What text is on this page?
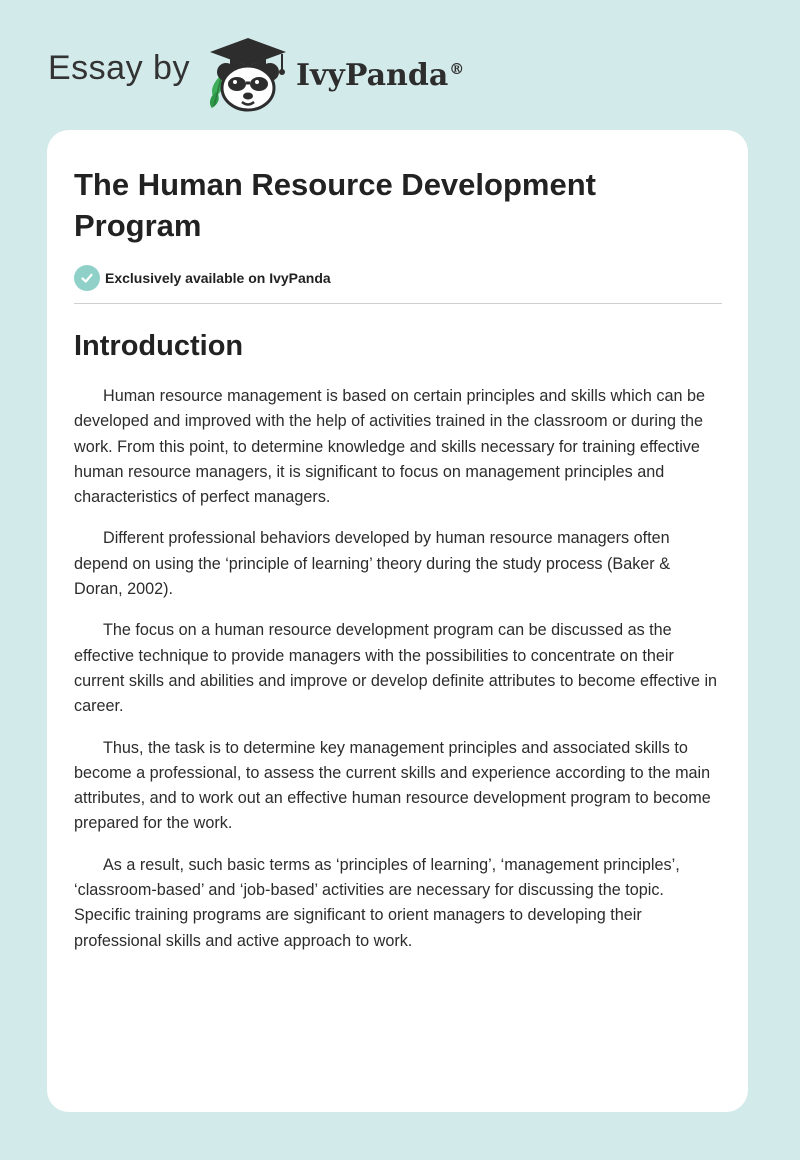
Essay by	IvyPanda®
The Human Resource Development Program
Exclusively available on IvyPanda
Introduction

Human resource management is based on certain principles and skills which can be developed and improved with the help of activities trained in the classroom or during the work. From this point, to determine knowledge and skills necessary for training effective human resource managers, it is significant to focus on management principles and characteristics of perfect managers.

Different professional behaviors developed by human resource managers often depend on using the ‘principle of learning’ theory during the study process (Baker & Doran, 2002).

The focus on a human resource development program can be discussed as the effective technique to provide managers with the possibilities to concentrate on their current skills and abilities and improve or develop definite attributes to become effective in career.

Thus, the task is to determine key management principles and associated skills to become a professional, to assess the current skills and experience according to the main attributes, and to work out an effective human resource development program to become prepared for the work.

As a result, such basic terms as ‘principles of learning’, ‘management principles’, ‘classroom-based’ and ‘job-based’ activities are necessary for discussing the topic. Specific training programs are significant to orient managers to developing their professional skills and active approach to work.
